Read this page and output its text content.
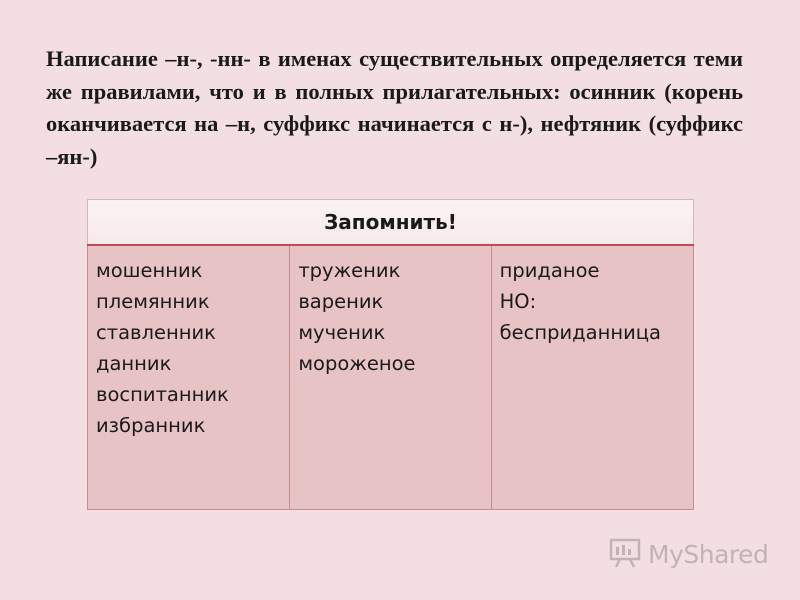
Написание –н-, -нн- в именах существительных определяется теми же правилами, что и в полных прилагательных: осинник (корень оканчивается на –н, суффикс начинается с н-), нефтяник (суффикс –ян-)

Запомнить!

мошенник
племянник
ставленник
данник
воспитанник
избранник

труженик
вареник
мученик
мороженое

приданое
НО:
бесприданница
MyShared
